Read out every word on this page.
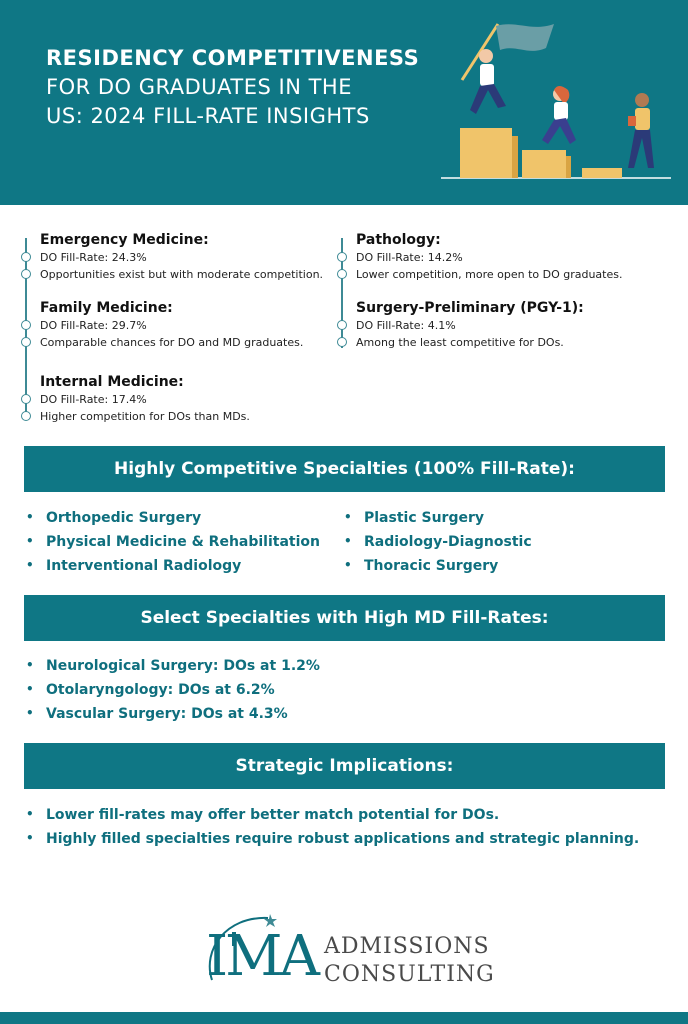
RESIDENCY COMPETITIVENESS
FOR DO GRADUATES IN THE
US: 2024 FILL-RATE INSIGHTS
Emergency Medicine:
DO Fill-Rate: 24.3%
Opportunities exist but with moderate competition.
Family Medicine:
DO Fill-Rate: 29.7%
Comparable chances for DO and MD graduates.
Internal Medicine:
DO Fill-Rate: 17.4%
Higher competition for DOs than MDs.
Pathology:
DO Fill-Rate: 14.2%
Lower competition, more open to DO graduates.
Surgery-Preliminary (PGY-1):
DO Fill-Rate: 4.1%
Among the least competitive for DOs.
Highly Competitive Specialties (100% Fill-Rate):
• Orthopedic Surgery
• Physical Medicine & Rehabilitation
• Interventional Radiology
• Plastic Surgery
• Radiology-Diagnostic
• Thoracic Surgery
Select Specialties with High MD Fill-Rates:
• Neurological Surgery: DOs at 1.2%
• Otolaryngology: DOs at 6.2%
• Vascular Surgery: DOs at 4.3%
Strategic Implications:
• Lower fill-rates may offer better match potential for DOs.
• Highly filled specialties require robust applications and strategic planning.
IMA ADMISSIONS
CONSULTING
